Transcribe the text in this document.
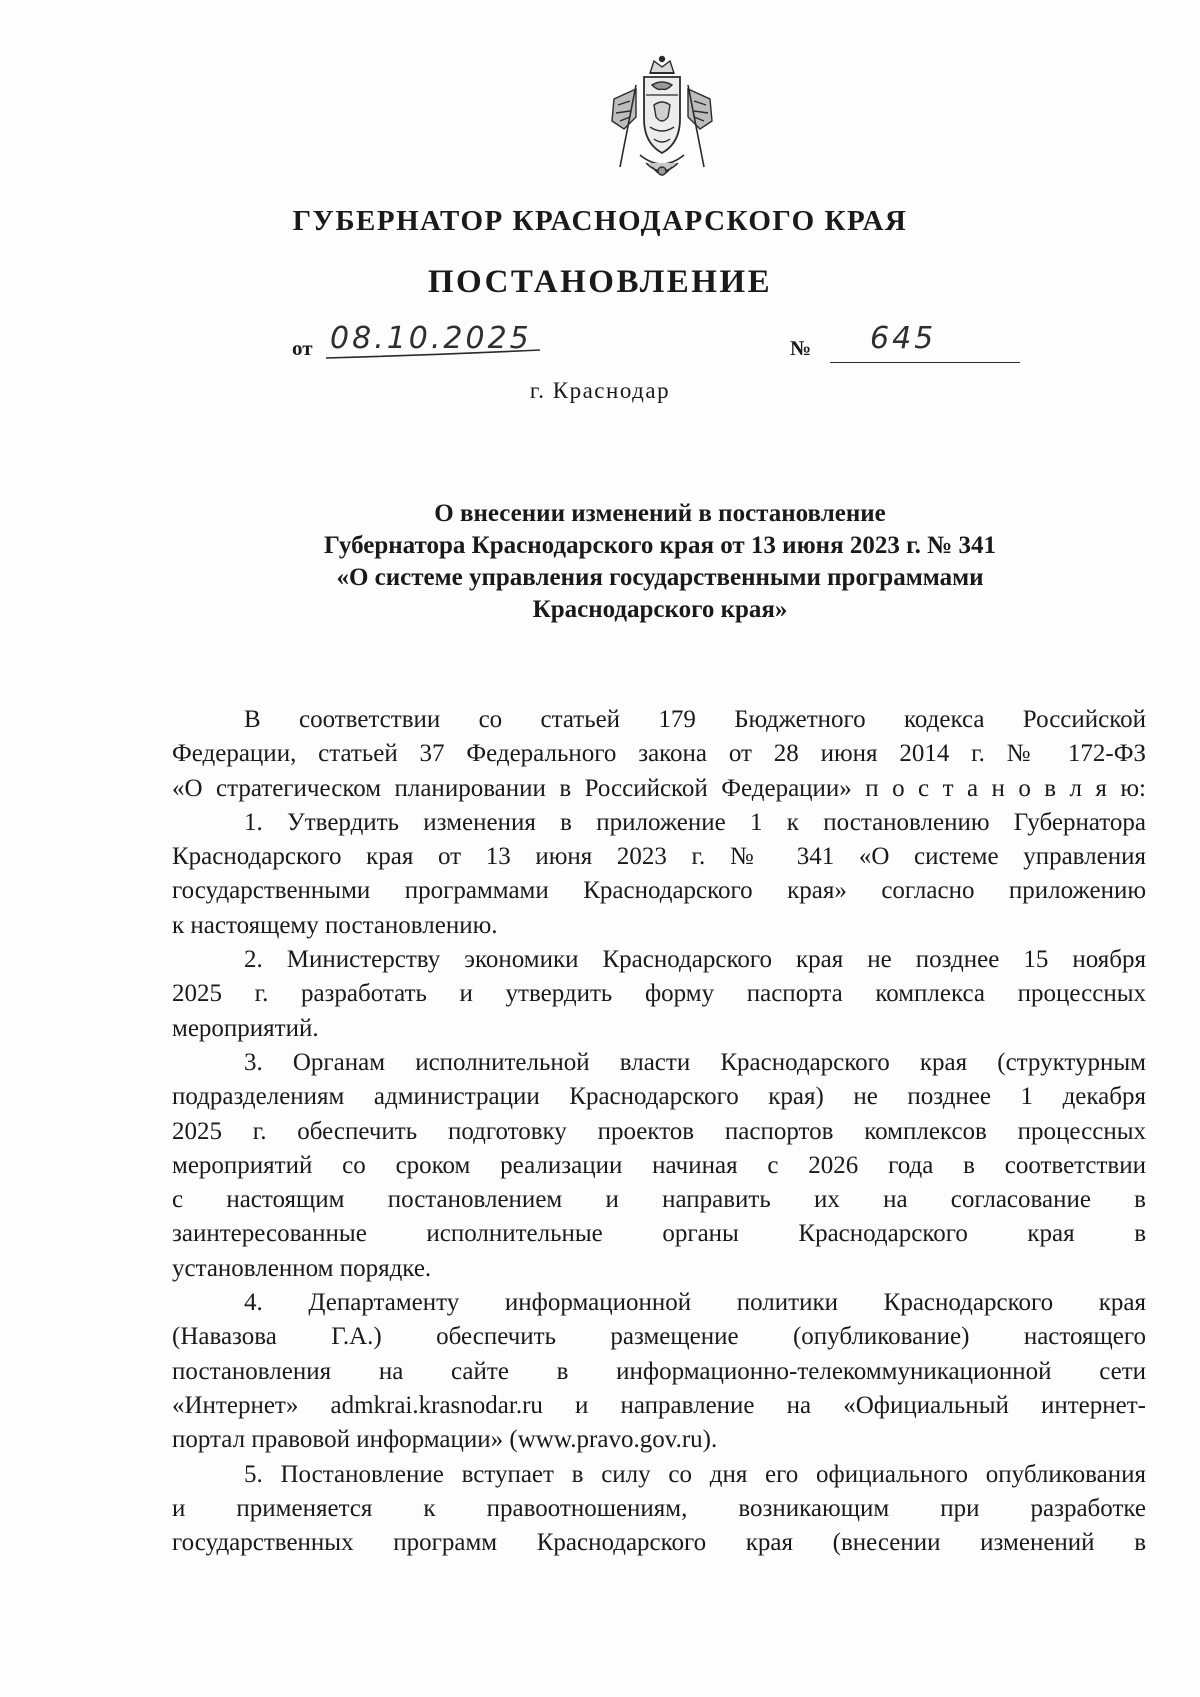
ГУБЕРНАТОР КРАСНОДАРСКОГО КРАЯ
ПОСТАНОВЛЕНИЕ
от 08.10.2025	№ 645
г. Краснодар
О внесении изменений в постановление
Губернатора Краснодарского края от 13 июня 2023 г. № 341
«О системе управления государственными программами
Краснодарского края»
В соответствии со статьей 179 Бюджетного кодекса Российской
Федерации, статьей 37 Федерального закона от 28 июня 2014 г. № 172-ФЗ
«О стратегическом планировании в Российской Федерации» п о с т а н о в л я ю:
1. Утвердить изменения в приложение 1 к постановлению Губернатора
Краснодарского края от 13 июня 2023 г. № 341 «О системе управления
государственными программами Краснодарского края» согласно приложению
к настоящему постановлению.
2. Министерству экономики Краснодарского края не позднее 15 ноября
2025 г. разработать и утвердить форму паспорта комплекса процессных
мероприятий.
3. Органам исполнительной власти Краснодарского края (структурным
подразделениям администрации Краснодарского края) не позднее 1 декабря
2025 г. обеспечить подготовку проектов паспортов комплексов процессных
мероприятий со сроком реализации начиная с 2026 года в соответствии
с настоящим постановлением и направить их на согласование в
заинтересованные исполнительные органы Краснодарского края в
установленном порядке.
4. Департаменту информационной политики Краснодарского края
(Навазова Г.А.) обеспечить размещение (опубликование) настоящего
постановления на сайте в информационно-телекоммуникационной сети
«Интернет» admkrai.krasnodar.ru и направление на «Официальный интернет-
портал правовой информации» (www.pravo.gov.ru).
5. Постановление вступает в силу со дня его официального опубликования
и применяется к правоотношениям, возникающим при разработке
государственных программ Краснодарского края (внесении изменений в
